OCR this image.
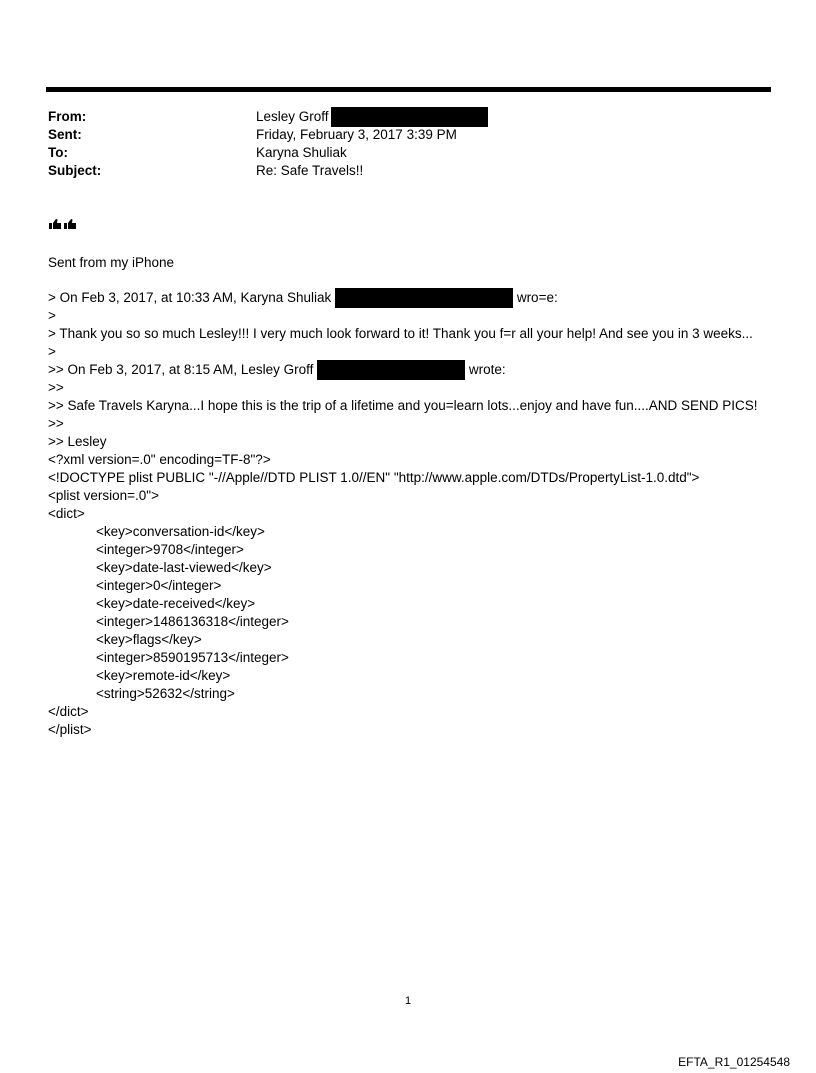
From:	Lesley Groff
Sent:	Friday, February 3, 2017 3:39 PM
To:	Karyna Shuliak
Subject:	Re: Safe Travels!!
Sent from my iPhone
> On Feb 3, 2017, at 10:33 AM, Karyna Shuliak	wro=e:
>
> Thank you so so much Lesley!!! I very much look forward to it! Thank you f=r all your help! And see you in 3 weeks...
>
>> On Feb 3, 2017, at 8:15 AM, Lesley Groff	wrote:
>>
>> Safe Travels Karyna...I hope this is the trip of a lifetime and you=learn lots...enjoy and have fun....AND SEND PICS!
>>
>> Lesley
<?xml version=.0" encoding=TF-8"?>
<!DOCTYPE plist PUBLIC "-//Apple//DTD PLIST 1.0//EN" "http://www.apple.com/DTDs/PropertyList-1.0.dtd">
<plist version=.0">
<dict>
<key>conversation-id</key>
<integer>9708</integer>
<key>date-last-viewed</key>
<integer>0</integer>
<key>date-received</key>
<integer>1486136318</integer>
<key>flags</key>
<integer>8590195713</integer>
<key>remote-id</key>
<string>52632</string>
</dict>
</plist>
1
EFTA_R1_01254548
